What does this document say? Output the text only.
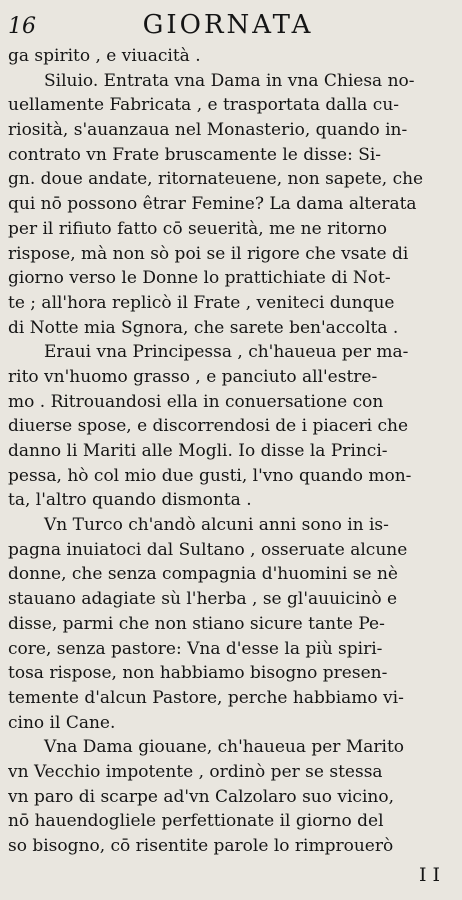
16	GIORNATA
ga spirito , e viuacità .
Siluio. Entrata vna Dama in vna Chiesa no-
uellamente Fabricata , e trasportata dalla cu-
riosità, s'auanzaua nel Monasterio, quando in-
contrato vn Frate bruscamente le disse: Si-
gn. doue andate, ritornateuene, non sapete, che
qui nō possono êtrar Femine? La dama alterata
per il rifiuto fatto cō seuerità, me ne ritorno
rispose, mà non sò poi se il rigore che vsate di
giorno verso le Donne lo prattichiate di Not-
te ; all'hora replicò il Frate , veniteci dunque
di Notte mia Sgnora, che sarete ben'accolta .
Eraui vna Principessa , ch'haueua per ma-
rito vn'huomo grasso , e panciuto all'estre-
mo . Ritrouandosi ella in conuersatione con
diuerse spose, e discorrendosi de i piaceri che
danno li Mariti alle Mogli. Io disse la Princi-
pessa, hò col mio due gusti, l'vno quando mon-
ta, l'altro quando dismonta .
Vn Turco ch'andò alcuni anni sono in is-
pagna inuiatoci dal Sultano , osseruate alcune
donne, che senza compagnia d'huomini se nè
stauano adagiate sù l'herba , se gl'auuicinò e
disse, parmi che non stiano sicure tante Pe-
core, senza pastore: Vna d'esse la più spiri-
tosa rispose, non habbiamo bisogno presen-
temente d'alcun Pastore, perche habbiamo vi-
cino il Cane.
Vna Dama giouane, ch'haueua per Marito
vn Vecchio impotente , ordinò per se stessa
vn paro di scarpe ad'vn Calzolaro suo vicino,
nō hauendogliele perfettionate il giorno del
so bisogno, cō risentite parole lo rimprouerò
I I
